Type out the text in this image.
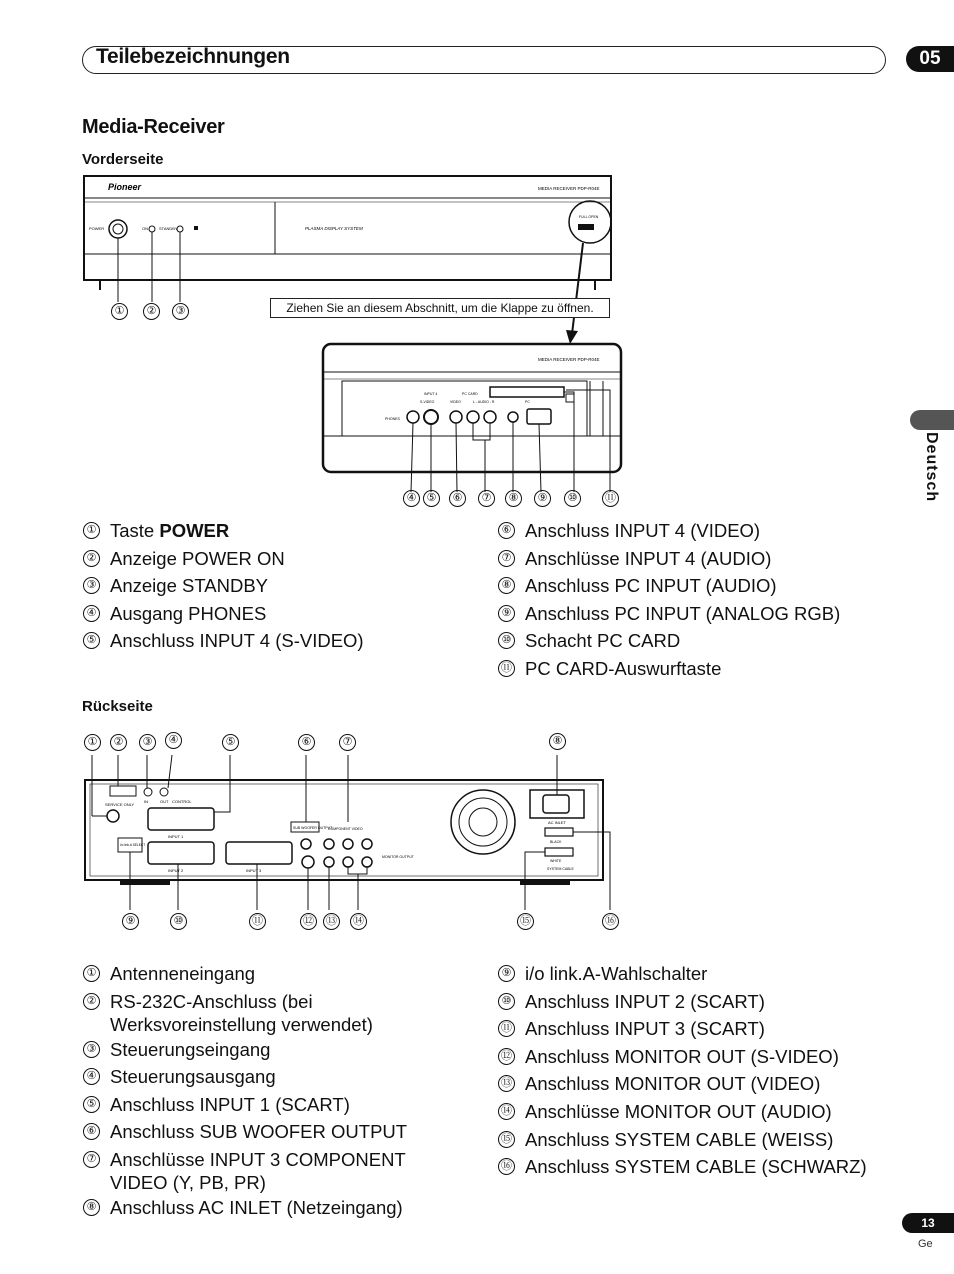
Teilebezeichnungen	05
Media-Receiver
Deutsch
Vorderseite
Pioneer	MEDIA RECEIVER PDP-R04E
PLASMA DISPLAY SYSTEM
POWER	ON	STANDBY
FULL OPEN
MEDIA RECEIVER PDP-R04E
PHONES
INPUT 4	PC CARD
S-VIDEO	VIDEO	L - AUDIO - R	PC
Ziehen Sie an diesem Abschnitt, um die Klappe zu öffnen.
①	②	③
④ ⑤	⑥	⑦	⑧	⑨	⑩	⑪
① Taste POWER
② Anzeige POWER ON
③ Anzeige STANDBY
④ Ausgang PHONES
⑤ Anschluss INPUT 4 (S-VIDEO)
⑥ Anschluss INPUT 4 (VIDEO)
⑦ Anschlüsse INPUT 4 (AUDIO)
⑧ Anschluss PC INPUT (AUDIO)
⑨ Anschluss PC INPUT (ANALOG RGB)
⑩ Schacht PC CARD
⑪ PC CARD-Auswurftaste
Rückseite
①	②	③	④	⑤	⑥	⑦	⑧
SERVICE ONLY
IN	OUT CONTROL
INPUT 1
INPUT 2
i/o link.A SELECT
INPUT 3
SUB WOOFER OUTPUT
COMPONENT VIDEO
MONITOR OUTPUT
AC INLET
BLACK
WHITE
SYSTEM CABLE
⑨	⑩	⑪	⑫ ⑬ ⑭	⑮	⑯
① Antenneneingang
② RS-232C-Anschluss (bei Werksvoreinstellung verwendet)
③ Steuerungseingang
④ Steuerungsausgang
⑤ Anschluss INPUT 1 (SCART)
⑥ Anschluss SUB WOOFER OUTPUT
⑦ Anschlüsse INPUT 3 COMPONENT VIDEO (Y, PB, PR)
⑧ Anschluss AC INLET (Netzeingang)
⑨ i/o link.A-Wahlschalter
⑩ Anschluss INPUT 2 (SCART)
⑪ Anschluss INPUT 3 (SCART)
⑫ Anschluss MONITOR OUT (S-VIDEO)
⑬ Anschluss MONITOR OUT (VIDEO)
⑭ Anschlüsse MONITOR OUT (AUDIO)
⑮ Anschluss SYSTEM CABLE (WEISS)
⑯ Anschluss SYSTEM CABLE (SCHWARZ)
13
Ge
